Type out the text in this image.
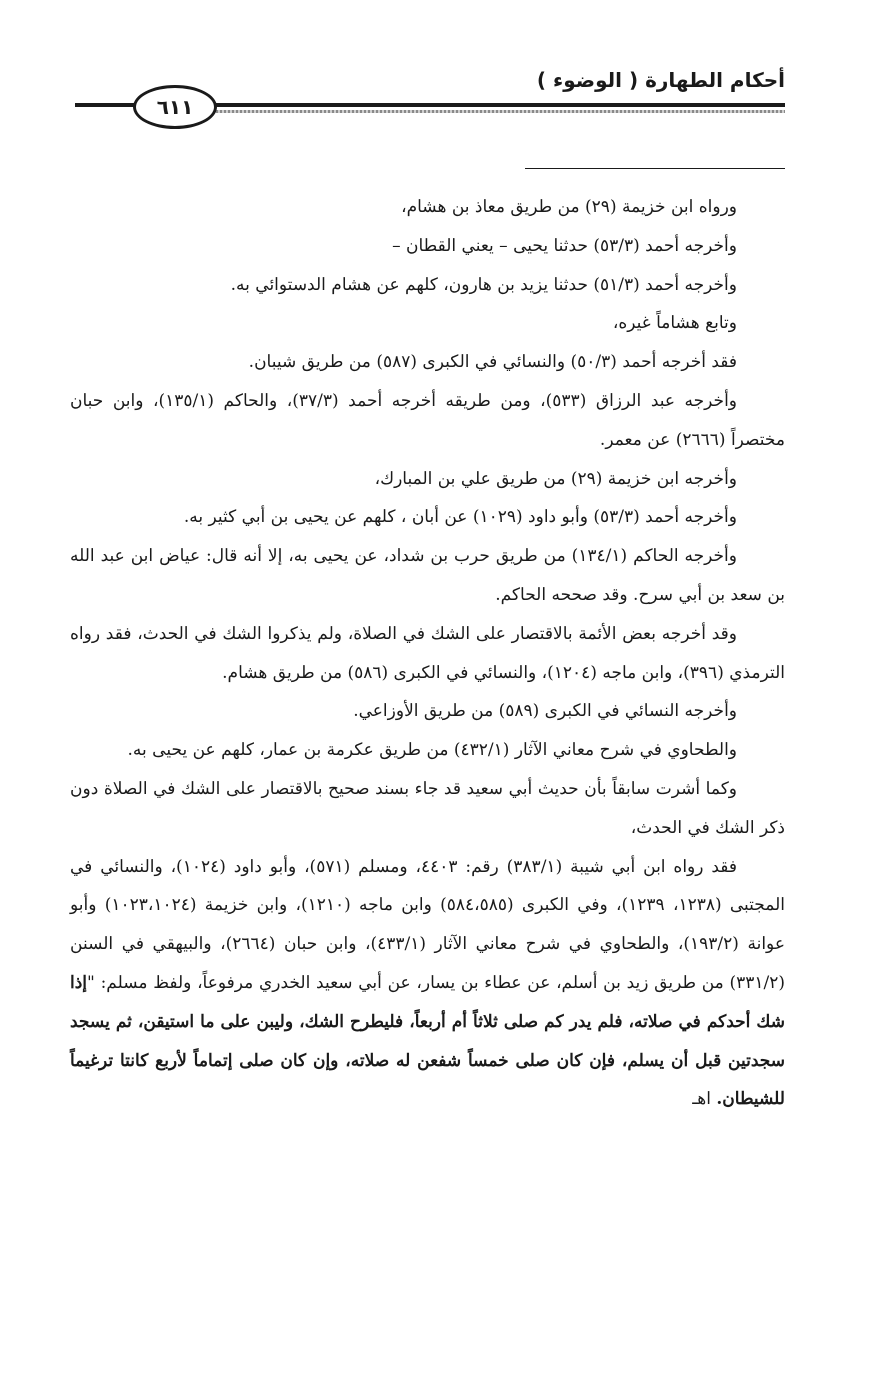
أحكام الطهارة ( الوضوء )
٦١١

ورواه ابن خزيمة (٢٩) من طريق معاذ بن هشام،

وأخرجه أحمد (٥٣/٣) حدثنا يحيى – يعني القطان –

وأخرجه أحمد (٥١/٣) حدثنا يزيد بن هارون، كلهم عن هشام الدستوائي به.

وتابع هشاماً غيره،

فقد أخرجه أحمد (٥٠/٣) والنسائي في الكبرى (٥٨٧) من طريق شيبان.

وأخرجه عبد الرزاق (٥٣٣)، ومن طريقه أخرجه أحمد (٣٧/٣)، والحاكم (١٣٥/١)، وابن حبان مختصراً (٢٦٦٦) عن معمر.

وأخرجه ابن خزيمة (٢٩) من طريق علي بن المبارك،

وأخرجه أحمد (٥٣/٣) وأبو داود (١٠٢٩) عن أبان ، كلهم عن يحيى بن أبي كثير به.

وأخرجه الحاكم (١٣٤/١) من طريق حرب بن شداد، عن يحيى به، إلا أنه قال: عياض ابن عبد الله بن سعد بن أبي سرح. وقد صححه الحاكم.

وقد أخرجه بعض الأئمة بالاقتصار على الشك في الصلاة، ولم يذكروا الشك في الحدث، فقد رواه الترمذي (٣٩٦)، وابن ماجه (١٢٠٤)، والنسائي في الكبرى (٥٨٦) من طريق هشام.

وأخرجه النسائي في الكبرى (٥٨٩) من طريق الأوزاعي.

والطحاوي في شرح معاني الآثار (٤٣٢/١) من طريق عكرمة بن عمار، كلهم عن يحيى به.

وكما أشرت سابقاً بأن حديث أبي سعيد قد جاء بسند صحيح بالاقتصار على الشك في الصلاة دون ذكر الشك في الحدث،

فقد رواه ابن أبي شيبة (٣٨٣/١) رقم: ٤٤٠٣، ومسلم (٥٧١)، وأبو داود (١٠٢٤)، والنسائي في المجتبى (١٢٣٨، ١٢٣٩)، وفي الكبرى (٥٨٤،٥٨٥) وابن ماجه (١٢١٠)، وابن خزيمة (١٠٢٣،١٠٢٤) وأبو عوانة (١٩٣/٢)، والطحاوي في شرح معاني الآثار (٤٣٣/١)، وابن حبان (٢٦٦٤)، والبيهقي في السنن (٣٣١/٢) من طريق زيد بن أسلم، عن عطاء بن يسار، عن أبي سعيد الخدري مرفوعاً، ولفظ مسلم: "إذا شك أحدكم في صلاته، فلم يدر كم صلى ثلاثاً أم أربعاً، فليطرح الشك، وليبن على ما استيقن، ثم يسجد سجدتين قبل أن يسلم، فإن كان صلى خمساً شفعن له صلاته، وإن كان صلى إتماماً لأربع كانتا ترغيماً للشيطان. اهـ
